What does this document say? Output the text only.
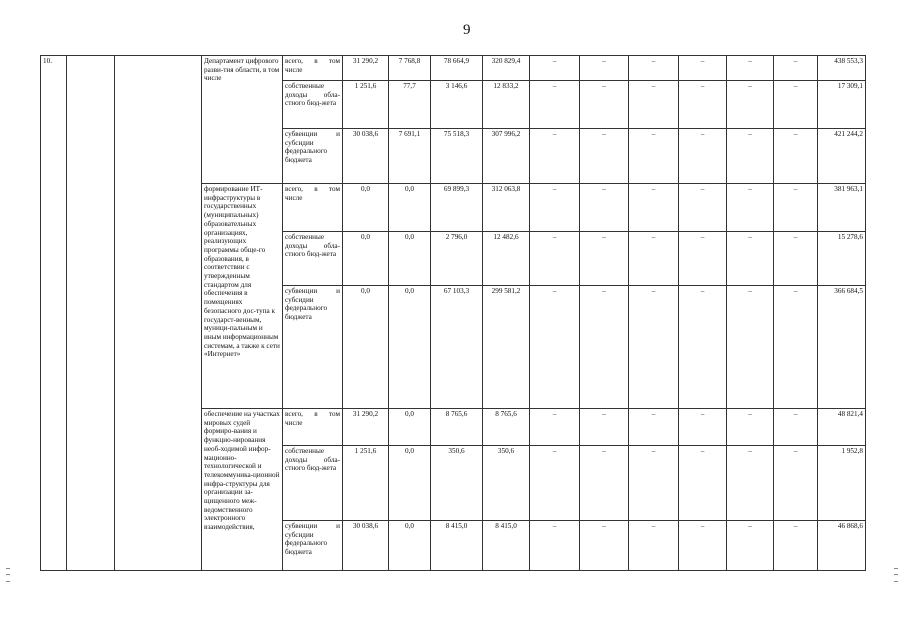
9
10.			Департамент цифрового разви-тия области, в том числе	всего, в том числе	31 290,2	7 768,8	78 664,9	320 829,4	–	–	–	–	–	–	438 553,3
				собственные доходы обла-стного бюд-жета	1 251,6	77,7	3 146,6	12 833,2	–	–	–	–	–	–	17 309,1
				субвенции и субсидии федерального бюджета	30 038,6	7 691,1	75 518,3	307 996,2	–	–	–	–	–	–	421 244,2
			формирование ИТ-инфраструктуры в государственных (муниципальных) образовательных организациях, реализующих программы обще-го образования, в соответствии с утвержденным стандартом для обеспечения в помещениях безопасного дос-тупа к государст-венным, муници-пальным и иным информационным системам, а также к сети «Интернет»	всего, в том числе	0,0	0,0	69 899,3	312 063,8	–	–	–	–	–	–	381 963,1
				собственные доходы обла-стного бюд-жета	0,0	0,0	2 796,0	12 482,6	–	–	–	–	–	–	15 278,6
				субвенции и субсидии федерального бюджета	0,0	0,0	67 103,3	299 581,2	–	–	–	–	–	–	366 684,5
			обеспечение на участках мировых судей формиро-вания и функцио-нирования необ-ходимой инфор-мационно-технологической и телекоммуника-ционной инфра-структуры для организации за-щищенного меж-ведомственного электронного взаимодействия,	всего, в том числе	31 290,2	0,0	8 765,6	8 765,6	–	–	–	–	–	–	48 821,4
				собственные доходы обла-стного бюд-жета	1 251,6	0,0	350,6	350,6	–	–	–	–	–	–	1 952,8
				субвенции и субсидии федерального бюджета	30 038,6	0,0	8 415,0	8 415,0	–	–	–	–	–	–	46 868,6
